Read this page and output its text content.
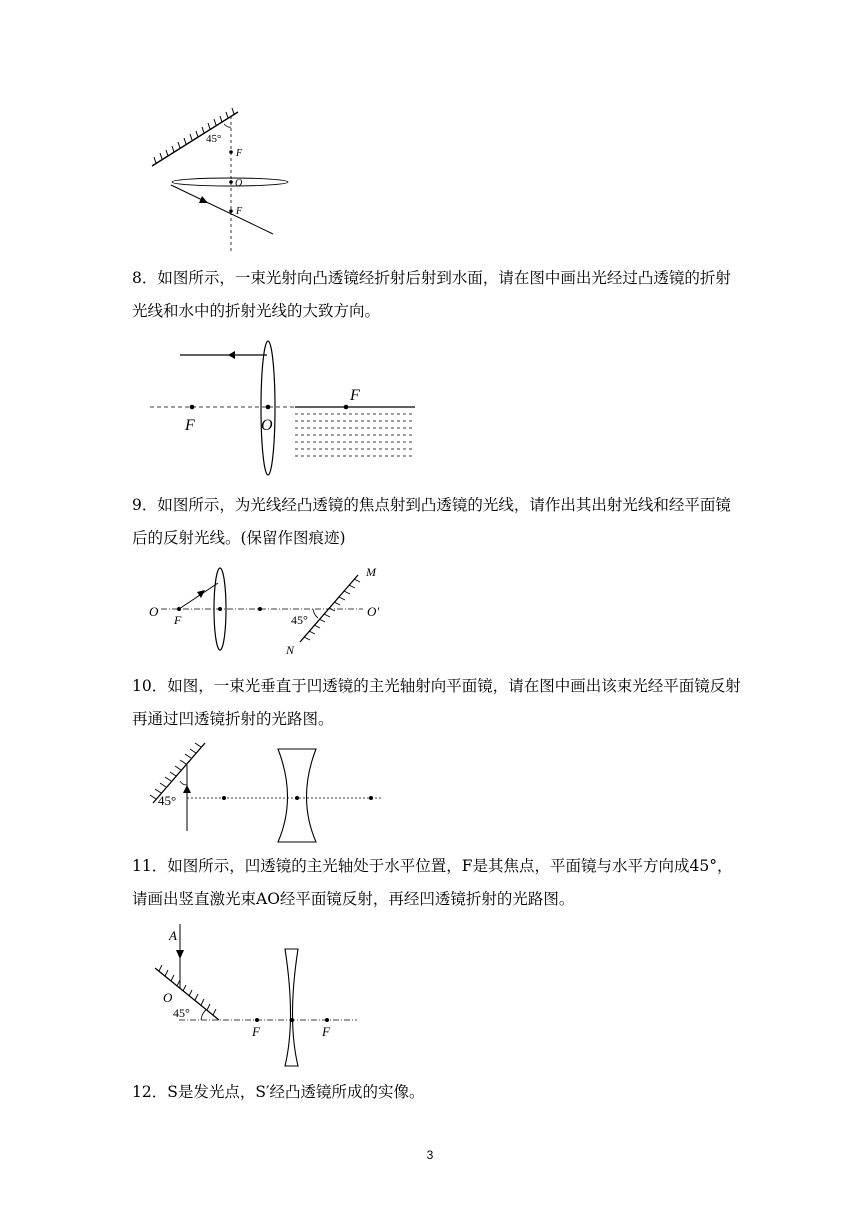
45°
F
O
F

8．如图所示，一束光射向凸透镜经折射后射到水面，请在图中画出光经过凸透镜的折射光线和水中的折射光线的大致方向。

F	O
F

9．如图所示，为光线经凸透镜的焦点射到凸透镜的光线，请作出其出射光线和经平面镜后的反射光线。(保留作图痕迹)

O
F	45°
M
O′
N

10．如图，一束光垂直于凹透镜的主光轴射向平面镜，请在图中画出该束光经平面镜反射再通过凹透镜折射的光路图。

45°

11．如图所示，凹透镜的主光轴处于水平位置，F是其焦点，平面镜与水平方向成45°，请画出竖直激光束AO经平面镜反射，再经凹透镜折射的光路图。

A
O
45°
F	F

12．S是发光点，S′经凸透镜所成的实像。

3
